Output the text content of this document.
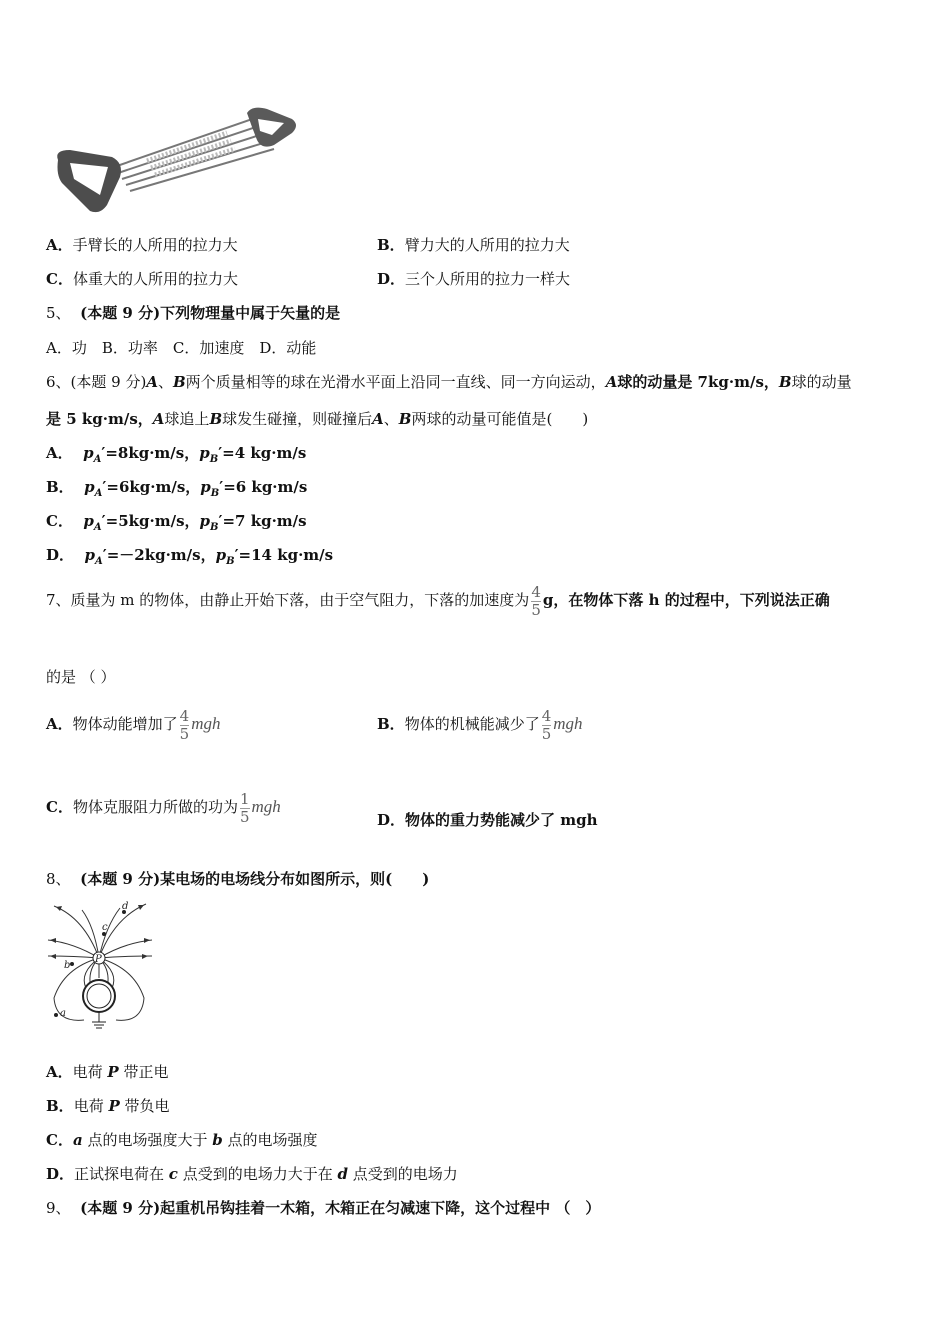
A．手臂长的人所用的拉力大	B．臂力大的人所用的拉力大
C．体重大的人所用的拉力大	D．三个人所用的拉力一样大
5、 (本题 9 分)下列物理量中属于矢量的是
A．功　B．功率　C．加速度　D．动能
6、(本题 9 分)A、B两个质量相等的球在光滑水平面上沿同一直线、同一方向运动，A球的动量是 7kg·m/s，B球的动量
是 5 kg·m/s，A球追上B球发生碰撞，则碰撞后A、B两球的动量可能值是(　　)
A． $p_A'=8kg\cdot m/s$，$p_B'=4$ kg·m/s
B． $p_A'=6kg\cdot m/s$，$p_B'=6$ kg·m/s
C． $p_A'=5kg\cdot m/s$，$p_B'=7$ kg·m/s
D． $p_A'=-2kg\cdot m/s$，$p_B'=14$ kg·m/s
7、质量为 m 的物体，由静止开始下落，由于空气阻力，下落的加速度为 $\frac{4}{5}$ g，在物体下落 h 的过程中，下列说法正确
的是 （ ）
A．物体动能增加了 $\frac{4}{5}$ mgh	B．物体的机械能减少了 $\frac{4}{5}$ mgh
C．物体克服阻力所做的功为 $\frac{1}{5}$ mgh
D．物体的重力势能减少了 mgh
8、 (本题 9 分)某电场的电场线分布如图所示，则(　　)
P
d
c
b
a
A．电荷 P 带正电
B．电荷 P 带负电
C．a 点的电场强度大于 b 点的电场强度
D．正试探电荷在 c 点受到的电场力大于在 d 点受到的电场力
9、 (本题 9 分)起重机吊钩挂着一木箱，木箱正在匀减速下降，这个过程中 （　）
